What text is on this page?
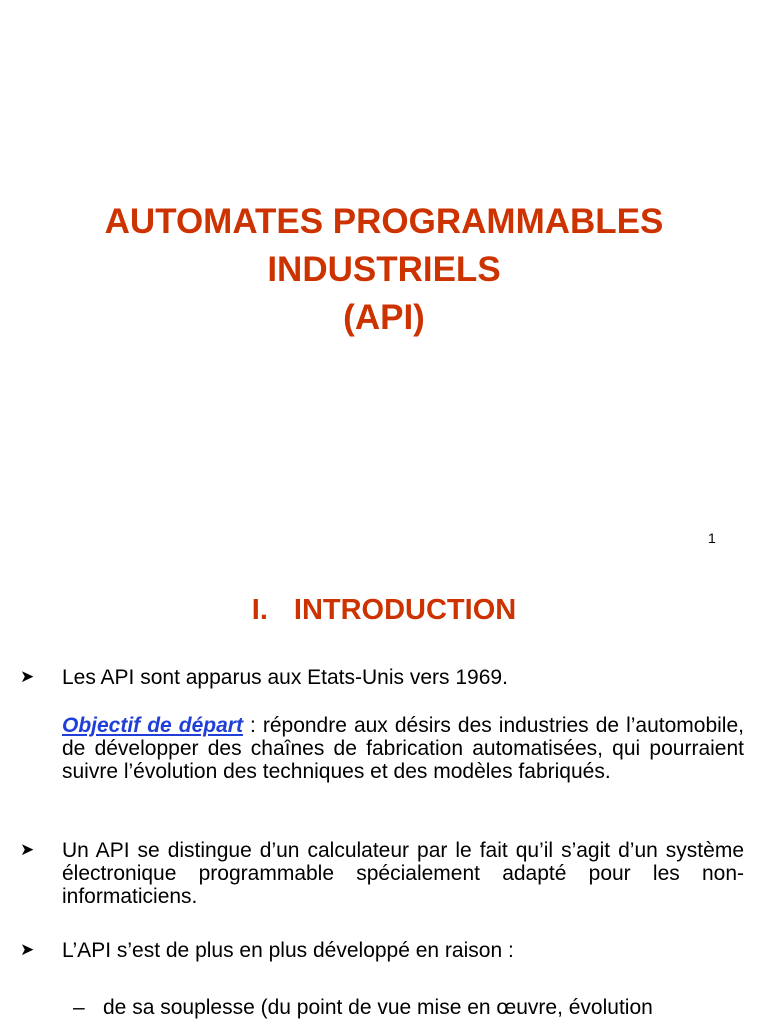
AUTOMATES PROGRAMMABLES
INDUSTRIELS
(API)
1
I. INTRODUCTION
➤ Les API sont apparus aux Etats-Unis vers 1969.
Objectif de départ : répondre aux désirs des industries de l’automobile, de développer des chaînes de fabrication automatisées, qui pourraient suivre l’évolution des techniques et des modèles fabriqués.
➤ Un API se distingue d’un calculateur par le fait qu’il s’agit d’un système électronique programmable spécialement adapté pour les non-informaticiens.
➤ L’API s’est de plus en plus développé en raison :
– de sa souplesse (du point de vue mise en œuvre, évolution
